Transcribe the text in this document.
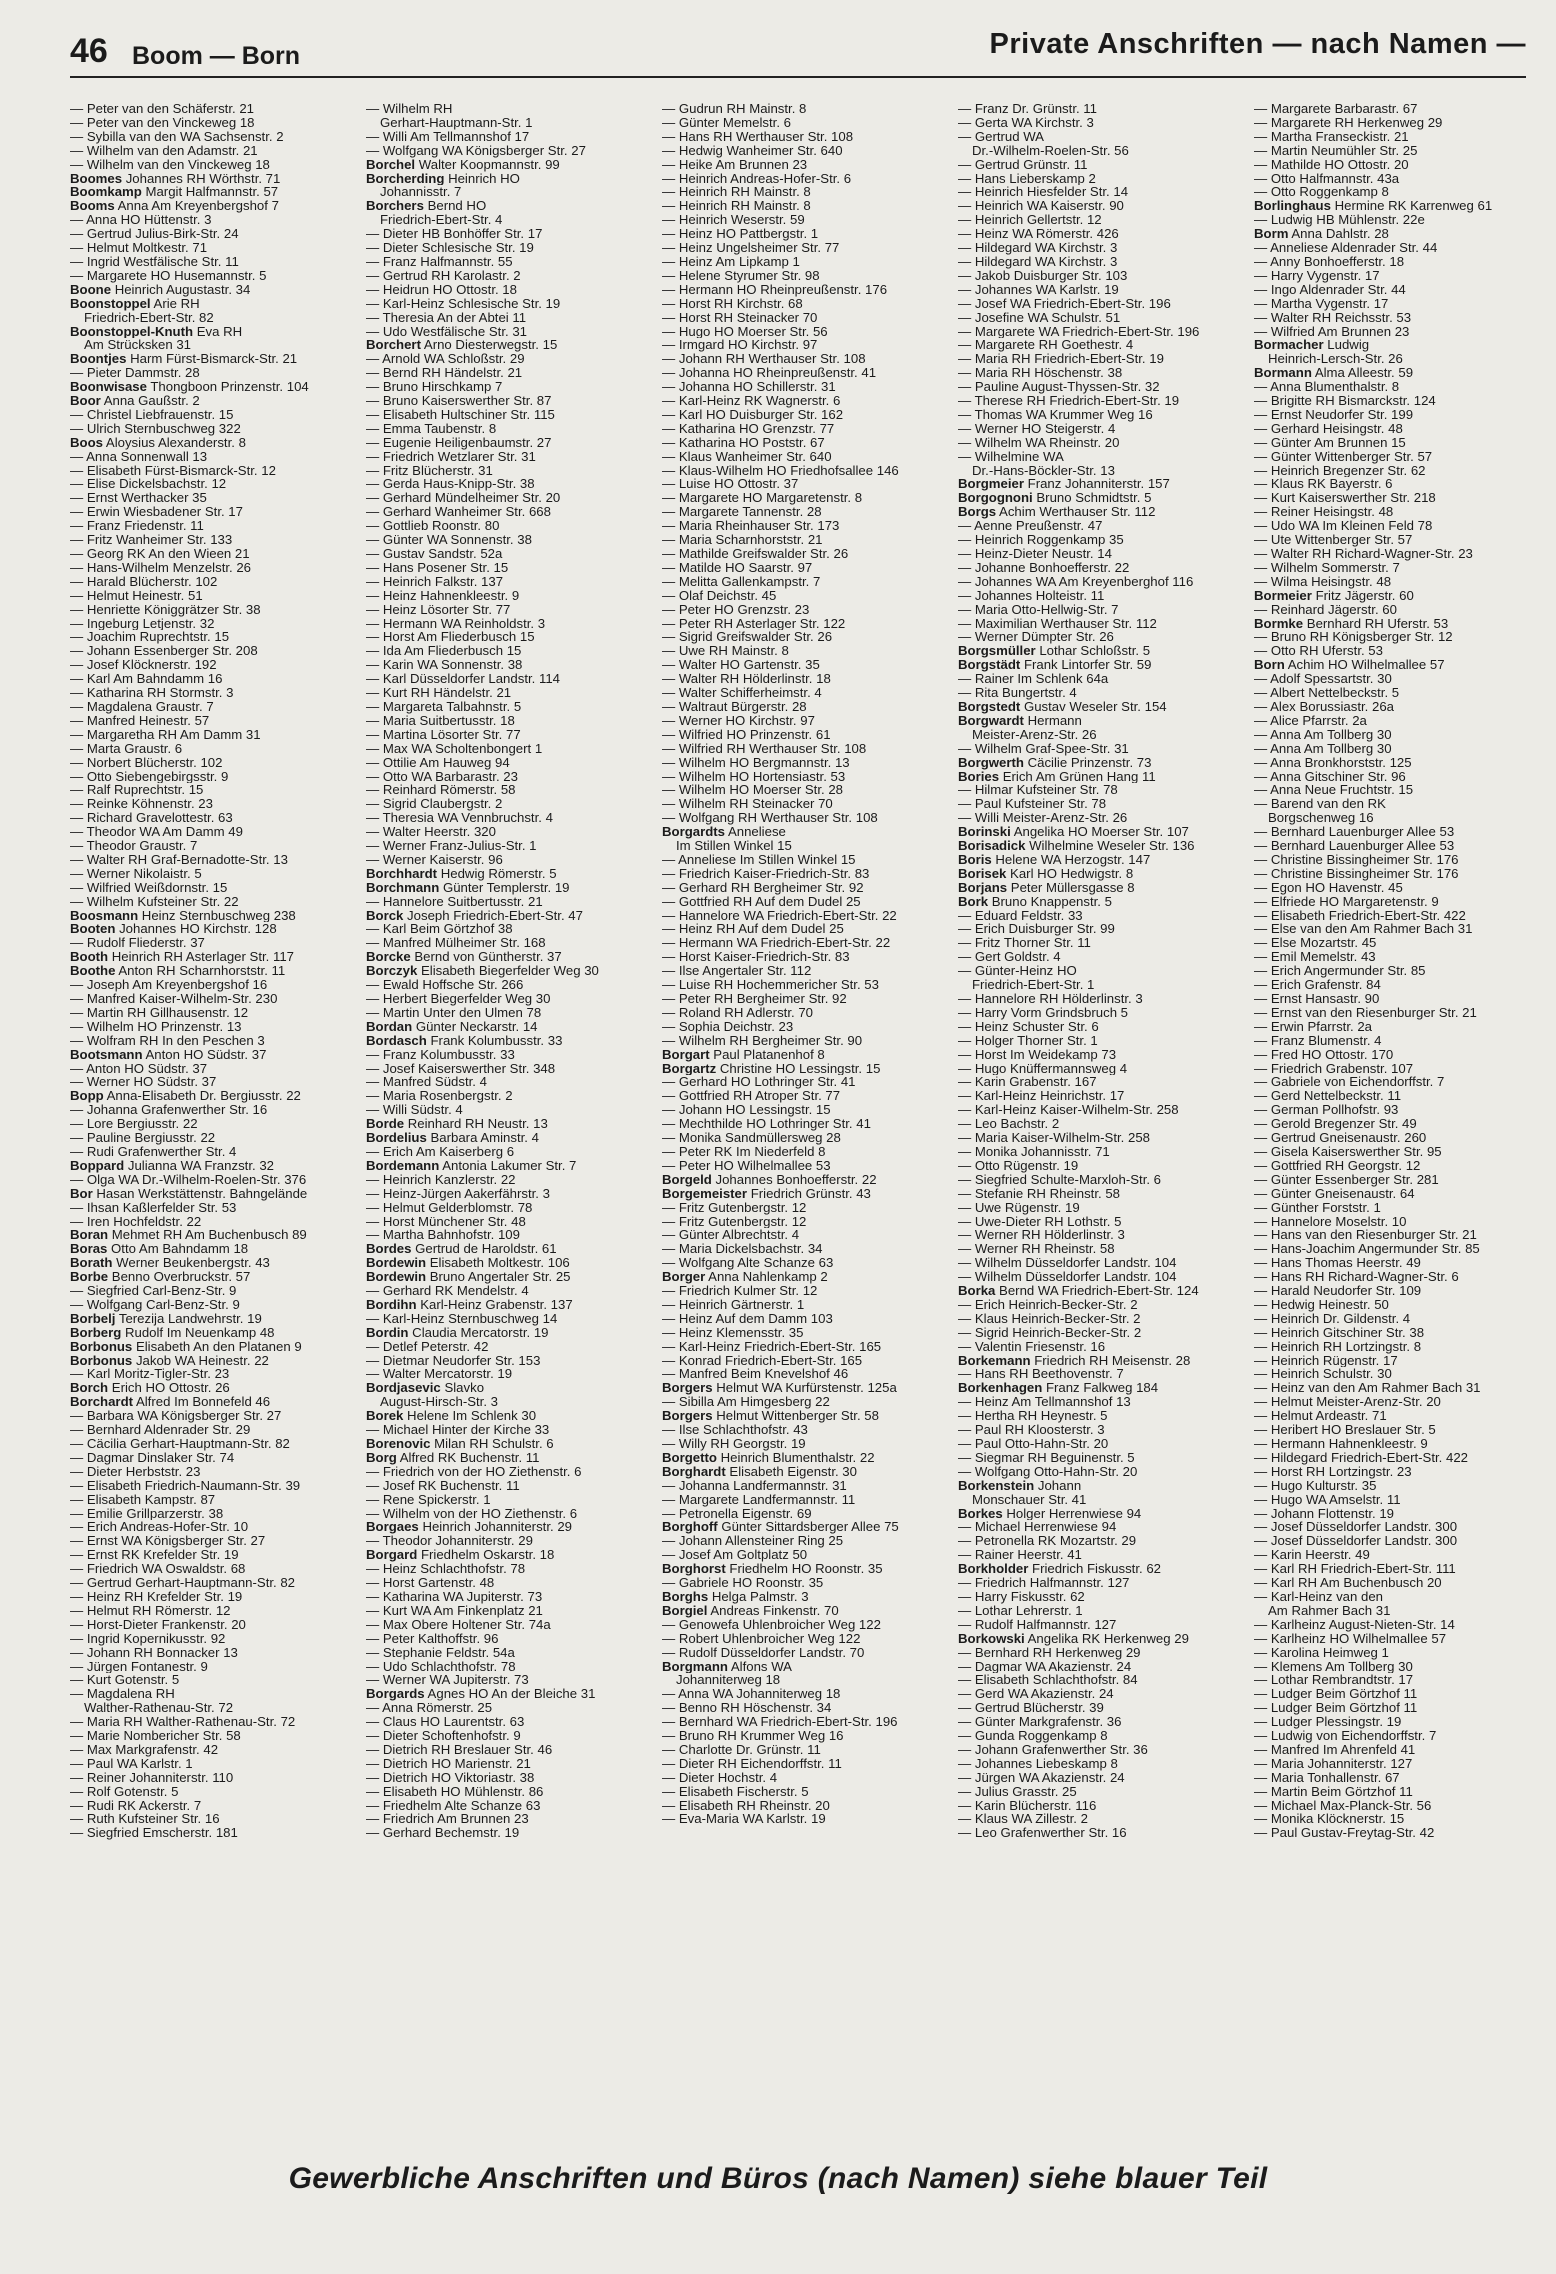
46 Boom — Born	Private Anschriften — nach Namen —
— Peter van den Schäferstr. 21
— Peter van den Vinckeweg 18
— Sybilla van den WA Sachsenstr. 2
— Wilhelm van den Adamstr. 21
— Wilhelm van den Vinckeweg 18
Boomes Johannes RH Wörthstr. 71
Boomkamp Margit Halfmannstr. 57
Booms Anna Am Kreyenbergshof 7
— Anna HO Hüttenstr. 3
— Gertrud Julius-Birk-Str. 24
— Helmut Moltkestr. 71
— Ingrid Westfälische Str. 11
— Margarete HO Husemannstr. 5
Boone Heinrich Augustastr. 34
Boonstoppel Arie RH
Friedrich-Ebert-Str. 82
Boonstoppel-Knuth Eva RH
Am Strücksken 31
Boontjes Harm Fürst-Bismarck-Str. 21
— Pieter Dammstr. 28
Boonwisase Thongboon Prinzenstr. 104
Boor Anna Gaußstr. 2
— Christel Liebfrauenstr. 15
— Ulrich Sternbuschweg 322
Boos Aloysius Alexanderstr. 8
— Anna Sonnenwall 13
— Elisabeth Fürst-Bismarck-Str. 12
— Elise Dickelsbachstr. 12
— Ernst Werthacker 35
— Erwin Wiesbadener Str. 17
— Franz Friedenstr. 11
— Fritz Wanheimer Str. 133
— Georg RK An den Wieen 21
— Hans-Wilhelm Menzelstr. 26
— Harald Blücherstr. 102
— Helmut Heinestr. 51
— Henriette Königgrätzer Str. 38
— Ingeburg Letjenstr. 32
— Joachim Ruprechtstr. 15
— Johann Essenberger Str. 208
— Josef Klöcknerstr. 192
— Karl Am Bahndamm 16
— Katharina RH Stormstr. 3
— Magdalena Graustr. 7
— Manfred Heinestr. 57
— Margaretha RH Am Damm 31
— Marta Graustr. 6
— Norbert Blücherstr. 102
— Otto Siebengebirgsstr. 9
— Ralf Ruprechtstr. 15
— Reinke Köhnenstr. 23
— Richard Gravelottestr. 63
— Theodor WA Am Damm 49
— Theodor Graustr. 7
— Walter RH Graf-Bernadotte-Str. 13
— Werner Nikolaistr. 5
— Wilfried Weißdornstr. 15
— Wilhelm Kufsteiner Str. 22
Boosmann Heinz Sternbuschweg 238
Booten Johannes HO Kirchstr. 128
— Rudolf Fliederstr. 37
Booth Heinrich RH Asterlager Str. 117
Boothe Anton RH Scharnhorststr. 11
— Joseph Am Kreyenbergshof 16
— Manfred Kaiser-Wilhelm-Str. 230
— Martin RH Gillhausenstr. 12
— Wilhelm HO Prinzenstr. 13
— Wolfram RH In den Peschen 3
Bootsmann Anton HO Südstr. 37
— Anton HO Südstr. 37
— Werner HO Südstr. 37
Bopp Anna-Elisabeth Dr. Bergiusstr. 22
— Johanna Grafenwerther Str. 16
— Lore Bergiusstr. 22
— Pauline Bergiusstr. 22
— Rudi Grafenwerther Str. 4
Boppard Julianna WA Franzstr. 32
— Olga WA Dr.-Wilhelm-Roelen-Str. 376
Bor Hasan Werkstättenstr. Bahngelände
— Ihsan Kaßlerfelder Str. 53
— Iren Hochfeldstr. 22
Boran Mehmet RH Am Buchenbusch 89
Boras Otto Am Bahndamm 18
Borath Werner Beukenbergstr. 43
Borbe Benno Overbruckstr. 57
— Siegfried Carl-Benz-Str. 9
— Wolfgang Carl-Benz-Str. 9
Borbelj Terezija Landwehrstr. 19
Borberg Rudolf Im Neuenkamp 48
Borbonus Elisabeth An den Platanen 9
Borbonus Jakob WA Heinestr. 22
— Karl Moritz-Tigler-Str. 23
Borch Erich HO Ottostr. 26
Borchardt Alfred Im Bonnefeld 46
— Barbara WA Königsberger Str. 27
— Bernhard Aldenrader Str. 29
— Cäcilia Gerhart-Hauptmann-Str. 82
— Dagmar Dinslaker Str. 74
— Dieter Herbststr. 23
— Elisabeth Friedrich-Naumann-Str. 39
— Elisabeth Kampstr. 87
— Emilie Grillparzerstr. 38
— Erich Andreas-Hofer-Str. 10
— Ernst WA Königsberger Str. 27
— Ernst RK Krefelder Str. 19
— Friedrich WA Oswaldstr. 68
— Gertrud Gerhart-Hauptmann-Str. 82
— Heinz RH Krefelder Str. 19
— Helmut RH Römerstr. 12
— Horst-Dieter Frankenstr. 20
— Ingrid Kopernikusstr. 92
— Johann RH Bonnacker 13
— Jürgen Fontanestr. 9
— Kurt Gotenstr. 5
— Magdalena RH
Walther-Rathenau-Str. 72
— Maria RH Walther-Rathenau-Str. 72
— Marie Nombericher Str. 58
— Max Markgrafenstr. 42
— Paul WA Karlstr. 1
— Reiner Johanniterstr. 110
— Rolf Gotenstr. 5
— Rudi RK Ackerstr. 7
— Ruth Kufsteiner Str. 16
— Siegfried Emscherstr. 181
— Wilhelm RH
Gerhart-Hauptmann-Str. 1
— Willi Am Tellmannshof 17
— Wolfgang WA Königsberger Str. 27
Borchel Walter Koopmannstr. 99
Borcherding Heinrich HO
Johannisstr. 7
Borchers Bernd HO
Friedrich-Ebert-Str. 4
— Dieter HB Bonhöffer Str. 17
— Dieter Schlesische Str. 19
— Franz Halfmannstr. 55
— Gertrud RH Karolastr. 2
— Heidrun HO Ottostr. 18
— Karl-Heinz Schlesische Str. 19
— Theresia An der Abtei 11
— Udo Westfälische Str. 31
Borchert Arno Diesterwegstr. 15
— Arnold WA Schloßstr. 29
— Bernd RH Händelstr. 21
— Bruno Hirschkamp 7
— Bruno Kaiserswerther Str. 87
— Elisabeth Hultschiner Str. 115
— Emma Taubenstr. 8
— Eugenie Heiligenbaumstr. 27
— Friedrich Wetzlarer Str. 31
— Fritz Blücherstr. 31
— Gerda Haus-Knipp-Str. 38
— Gerhard Mündelheimer Str. 20
— Gerhard Wanheimer Str. 668
— Gottlieb Roonstr. 80
— Günter WA Sonnenstr. 38
— Gustav Sandstr. 52a
— Hans Posener Str. 15
— Heinrich Falkstr. 137
— Heinz Hahnenkleestr. 9
— Heinz Lösorter Str. 77
— Hermann WA Reinholdstr. 3
— Horst Am Fliederbusch 15
— Ida Am Fliederbusch 15
— Karin WA Sonnenstr. 38
— Karl Düsseldorfer Landstr. 114
— Kurt RH Händelstr. 21
— Margareta Talbahnstr. 5
— Maria Suitbertusstr. 18
— Martina Lösorter Str. 77
— Max WA Scholtenbongert 1
— Ottilie Am Hauweg 94
— Otto WA Barbarastr. 23
— Reinhard Römerstr. 58
— Sigrid Claubergstr. 2
— Theresia WA Vennbruchstr. 4
— Walter Heerstr. 320
— Werner Franz-Julius-Str. 1
— Werner Kaiserstr. 96
Borchhardt Hedwig Römerstr. 5
Borchmann Günter Templerstr. 19
— Hannelore Suitbertusstr. 21
Borck Joseph Friedrich-Ebert-Str. 47
— Karl Beim Görtzhof 38
— Manfred Mülheimer Str. 168
Borcke Bernd von Güntherstr. 37
Borczyk Elisabeth Biegerfelder Weg 30
— Ewald Hoffsche Str. 266
— Herbert Biegerfelder Weg 30
— Martin Unter den Ulmen 78
Bordan Günter Neckarstr. 14
Bordasch Frank Kolumbusstr. 33
— Franz Kolumbusstr. 33
— Josef Kaiserswerther Str. 348
— Manfred Südstr. 4
— Maria Rosenbergstr. 2
— Willi Südstr. 4
Borde Reinhard RH Neustr. 13
Bordelius Barbara Aminstr. 4
— Erich Am Kaiserberg 6
Bordemann Antonia Lakumer Str. 7
— Heinrich Kanzlerstr. 22
— Heinz-Jürgen Aakerfährstr. 3
— Helmut Gelderblomstr. 78
— Horst Münchener Str. 48
— Martha Bahnhofstr. 109
Bordes Gertrud de Haroldstr. 61
Bordewin Elisabeth Moltkestr. 106
Bordewin Bruno Angertaler Str. 25
— Gerhard RK Mendelstr. 4
Bordihn Karl-Heinz Grabenstr. 137
— Karl-Heinz Sternbuschweg 14
Bordin Claudia Mercatorstr. 19
— Detlef Peterstr. 42
— Dietmar Neudorfer Str. 153
— Walter Mercatorstr. 19
Bordjasevic Slavko
August-Hirsch-Str. 3
Borek Helene Im Schlenk 30
— Michael Hinter der Kirche 33
Borenovic Milan RH Schulstr. 6
Borg Alfred RK Buchenstr. 11
— Friedrich von der HO Ziethenstr. 6
— Josef RK Buchenstr. 11
— Rene Spickerstr. 1
— Wilhelm von der HO Ziethenstr. 6
Borgaes Heinrich Johanniterstr. 29
— Theodor Johanniterstr. 29
Borgard Friedhelm Oskarstr. 18
— Heinz Schlachthofstr. 78
— Horst Gartenstr. 48
— Katharina WA Jupiterstr. 73
— Kurt WA Am Finkenplatz 21
— Max Obere Holtener Str. 74a
— Peter Kalthoffstr. 96
— Stephanie Feldstr. 54a
— Udo Schlachthofstr. 78
— Werner WA Jupiterstr. 73
Borgards Agnes HO An der Bleiche 31
— Anna Römerstr. 25
— Claus HO Laurentstr. 63
— Dieter Schoftenhofstr. 9
— Dietrich RH Breslauer Str. 46
— Dietrich HO Marienstr. 21
— Dietrich HO Viktoriastr. 38
— Elisabeth HO Mühlenstr. 86
— Friedhelm Alte Schanze 63
— Friedrich Am Brunnen 23
— Gerhard Bechemstr. 19
— Gudrun RH Mainstr. 8
— Günter Memelstr. 6
— Hans RH Werthauser Str. 108
— Hedwig Wanheimer Str. 640
— Heike Am Brunnen 23
— Heinrich Andreas-Hofer-Str. 6
— Heinrich RH Mainstr. 8
— Heinrich RH Mainstr. 8
— Heinrich Weserstr. 59
— Heinz HO Pattbergstr. 1
— Heinz Ungelsheimer Str. 77
— Heinz Am Lipkamp 1
— Helene Styrumer Str. 98
— Hermann HO Rheinpreußenstr. 176
— Horst RH Kirchstr. 68
— Horst RH Steinacker 70
— Hugo HO Moerser Str. 56
— Irmgard HO Kirchstr. 97
— Johann RH Werthauser Str. 108
— Johanna HO Rheinpreußenstr. 41
— Johanna HO Schillerstr. 31
— Karl-Heinz RK Wagnerstr. 6
— Karl HO Duisburger Str. 162
— Katharina HO Grenzstr. 77
— Katharina HO Poststr. 67
— Klaus Wanheimer Str. 640
— Klaus-Wilhelm HO Friedhofsallee 146
— Luise HO Ottostr. 37
— Margarete HO Margaretenstr. 8
— Margarete Tannenstr. 28
— Maria Rheinhauser Str. 173
— Maria Scharnhorststr. 21
— Mathilde Greifswalder Str. 26
— Matilde HO Saarstr. 97
— Melitta Gallenkampstr. 7
— Olaf Deichstr. 45
— Peter HO Grenzstr. 23
— Peter RH Asterlager Str. 122
— Sigrid Greifswalder Str. 26
— Uwe RH Mainstr. 8
— Walter HO Gartenstr. 35
— Walter RH Hölderlinstr. 18
— Walter Schifferheimstr. 4
— Waltraut Bürgerstr. 28
— Werner HO Kirchstr. 97
— Wilfried HO Prinzenstr. 61
— Wilfried RH Werthauser Str. 108
— Wilhelm HO Bergmannstr. 13
— Wilhelm HO Hortensiastr. 53
— Wilhelm HO Moerser Str. 28
— Wilhelm RH Steinacker 70
— Wolfgang RH Werthauser Str. 108
Borgardts Anneliese
Im Stillen Winkel 15
— Anneliese Im Stillen Winkel 15
— Friedrich Kaiser-Friedrich-Str. 83
— Gerhard RH Bergheimer Str. 92
— Gottfried RH Auf dem Dudel 25
— Hannelore WA Friedrich-Ebert-Str. 22
— Heinz RH Auf dem Dudel 25
— Hermann WA Friedrich-Ebert-Str. 22
— Horst Kaiser-Friedrich-Str. 83
— Ilse Angertaler Str. 112
— Luise RH Hochemmericher Str. 53
— Peter RH Bergheimer Str. 92
— Roland RH Adlerstr. 70
— Sophia Deichstr. 23
— Wilhelm RH Bergheimer Str. 90
Borgart Paul Platanenhof 8
Borgartz Christine HO Lessingstr. 15
— Gerhard HO Lothringer Str. 41
— Gottfried RH Atroper Str. 77
— Johann HO Lessingstr. 15
— Mechthilde HO Lothringer Str. 41
— Monika Sandmüllersweg 28
— Peter RK Im Niederfeld 8
— Peter HO Wilhelmallee 53
Borgeld Johannes Bonhoefferstr. 22
Borgemeister Friedrich Grünstr. 43
— Fritz Gutenbergstr. 12
— Fritz Gutenbergstr. 12
— Günter Albrechtstr. 4
— Maria Dickelsbachstr. 34
— Wolfgang Alte Schanze 63
Borger Anna Nahlenkamp 2
— Friedrich Kulmer Str. 12
— Heinrich Gärtnerstr. 1
— Heinz Auf dem Damm 103
— Heinz Klemensstr. 35
— Karl-Heinz Friedrich-Ebert-Str. 165
— Konrad Friedrich-Ebert-Str. 165
— Manfred Beim Knevelshof 46
Borgers Helmut WA Kurfürstenstr. 125a
— Sibilla Am Himgesberg 22
Borgers Helmut Wittenberger Str. 58
— Ilse Schlachthofstr. 43
— Willy RH Georgstr. 19
Borgetto Heinrich Blumenthalstr. 22
Borghardt Elisabeth Eigenstr. 30
— Johanna Landfermannstr. 31
— Margarete Landfermannstr. 11
— Petronella Eigenstr. 69
Borghoff Günter Sittardsberger Allee 75
— Johann Allensteiner Ring 25
— Josef Am Goltplatz 50
Borghorst Friedhelm HO Roonstr. 35
— Gabriele HO Roonstr. 35
Borghs Helga Palmstr. 3
Borgiel Andreas Finkenstr. 70
— Genowefa Uhlenbroicher Weg 122
— Robert Uhlenbroicher Weg 122
— Rudolf Düsseldorfer Landstr. 70
Borgmann Alfons WA
Johanniterweg 18
— Anna WA Johanniterweg 18
— Benno RH Höschenstr. 34
— Bernhard WA Friedrich-Ebert-Str. 196
— Bruno RH Krummer Weg 16
— Charlotte Dr. Grünstr. 11
— Dieter RH Eichendorffstr. 11
— Dieter Hochstr. 4
— Elisabeth Fischerstr. 5
— Elisabeth RH Rheinstr. 20
— Eva-Maria WA Karlstr. 19
— Franz Dr. Grünstr. 11
— Gerta WA Kirchstr. 3
— Gertrud WA
Dr.-Wilhelm-Roelen-Str. 56
— Gertrud Grünstr. 11
— Hans Lieberskamp 2
— Heinrich Hiesfelder Str. 14
— Heinrich WA Kaiserstr. 90
— Heinrich Gellertstr. 12
— Heinz WA Römerstr. 426
— Hildegard WA Kirchstr. 3
— Hildegard WA Kirchstr. 3
— Jakob Duisburger Str. 103
— Johannes WA Karlstr. 19
— Josef WA Friedrich-Ebert-Str. 196
— Josefine WA Schulstr. 51
— Margarete WA Friedrich-Ebert-Str. 196
— Margarete RH Goethestr. 4
— Maria RH Friedrich-Ebert-Str. 19
— Maria RH Höschenstr. 38
— Pauline August-Thyssen-Str. 32
— Therese RH Friedrich-Ebert-Str. 19
— Thomas WA Krummer Weg 16
— Werner HO Steigerstr. 4
— Wilhelm WA Rheinstr. 20
— Wilhelmine WA
Dr.-Hans-Böckler-Str. 13
Borgmeier Franz Johanniterstr. 157
Borgognoni Bruno Schmidtstr. 5
Borgs Achim Werthauser Str. 112
— Aenne Preußenstr. 47
— Heinrich Roggenkamp 35
— Heinz-Dieter Neustr. 14
— Johanne Bonhoefferstr. 22
— Johannes WA Am Kreyenberghof 116
— Johannes Holteistr. 11
— Maria Otto-Hellwig-Str. 7
— Maximilian Werthauser Str. 112
— Werner Dümpter Str. 26
Borgsmüller Lothar Schloßstr. 5
Borgstädt Frank Lintorfer Str. 59
— Rainer Im Schlenk 64a
— Rita Bungertstr. 4
Borgstedt Gustav Weseler Str. 154
Borgwardt Hermann
Meister-Arenz-Str. 26
— Wilhelm Graf-Spee-Str. 31
Borgwerth Cäcilie Prinzenstr. 73
Bories Erich Am Grünen Hang 11
— Hilmar Kufsteiner Str. 78
— Paul Kufsteiner Str. 78
— Willi Meister-Arenz-Str. 26
Borinski Angelika HO Moerser Str. 107
Borisadick Wilhelmine Weseler Str. 136
Boris Helene WA Herzogstr. 147
Borisek Karl HO Hedwigstr. 8
Borjans Peter Müllersgasse 8
Bork Bruno Knappenstr. 5
— Eduard Feldstr. 33
— Erich Duisburger Str. 99
— Fritz Thorner Str. 11
— Gert Goldstr. 4
— Günter-Heinz HO
Friedrich-Ebert-Str. 1
— Hannelore RH Hölderlinstr. 3
— Harry Vorm Grindsbruch 5
— Heinz Schuster Str. 6
— Holger Thorner Str. 1
— Horst Im Weidekamp 73
— Hugo Knüffermannsweg 4
— Karin Grabenstr. 167
— Karl-Heinz Heinrichstr. 17
— Karl-Heinz Kaiser-Wilhelm-Str. 258
— Leo Bachstr. 2
— Maria Kaiser-Wilhelm-Str. 258
— Monika Johannisstr. 71
— Otto Rügenstr. 19
— Siegfried Schulte-Marxloh-Str. 6
— Stefanie RH Rheinstr. 58
— Uwe Rügenstr. 19
— Uwe-Dieter RH Lothstr. 5
— Werner RH Hölderlinstr. 3
— Werner RH Rheinstr. 58
— Wilhelm Düsseldorfer Landstr. 104
— Wilhelm Düsseldorfer Landstr. 104
Borka Bernd WA Friedrich-Ebert-Str. 124
— Erich Heinrich-Becker-Str. 2
— Klaus Heinrich-Becker-Str. 2
— Sigrid Heinrich-Becker-Str. 2
— Valentin Friesenstr. 16
Borkemann Friedrich RH Meisenstr. 28
— Hans RH Beethovenstr. 7
Borkenhagen Franz Falkweg 184
— Heinz Am Tellmannshof 13
— Hertha RH Heynestr. 5
— Paul RH Kloosterstr. 3
— Paul Otto-Hahn-Str. 20
— Siegmar RH Beguinenstr. 5
— Wolfgang Otto-Hahn-Str. 20
Borkenstein Johann
Monschauer Str. 41
Borkes Holger Herrenwiese 94
— Michael Herrenwiese 94
— Petronella RK Mozartstr. 29
— Rainer Heerstr. 41
Borkholder Friedrich Fiskusstr. 62
— Friedrich Halfmannstr. 127
— Harry Fiskusstr. 62
— Lothar Lehrerstr. 1
— Rudolf Halfmannstr. 127
Borkowski Angelika RK Herkenweg 29
— Bernhard RH Herkenweg 29
— Dagmar WA Akazienstr. 24
— Elisabeth Schlachthofstr. 84
— Gerd WA Akazienstr. 24
— Gertrud Blücherstr. 39
— Günter Markgrafenstr. 36
— Gunda Roggenkamp 8
— Johann Grafenwerther Str. 36
— Johannes Liebeskamp 8
— Jürgen WA Akazienstr. 24
— Julius Grasstr. 25
— Karin Blücherstr. 116
— Klaus WA Zillestr. 2
— Leo Grafenwerther Str. 16
— Margarete Barbarastr. 67
— Margarete RH Herkenweg 29
— Martha Franseckistr. 21
— Martin Neumühler Str. 25
— Mathilde HO Ottostr. 20
— Otto Halfmannstr. 43a
— Otto Roggenkamp 8
Borlinghaus Hermine RK Karrenweg 61
— Ludwig HB Mühlenstr. 22e
Borm Anna Dahlstr. 28
— Anneliese Aldenrader Str. 44
— Anny Bonhoefferstr. 18
— Harry Vygenstr. 17
— Ingo Aldenrader Str. 44
— Martha Vygenstr. 17
— Walter RH Reichsstr. 53
— Wilfried Am Brunnen 23
Bormacher Ludwig
Heinrich-Lersch-Str. 26
Bormann Alma Alleestr. 59
— Anna Blumenthalstr. 8
— Brigitte RH Bismarckstr. 124
— Ernst Neudorfer Str. 199
— Gerhard Heisingstr. 48
— Günter Am Brunnen 15
— Günter Wittenberger Str. 57
— Heinrich Bregenzer Str. 62
— Klaus RK Bayerstr. 6
— Kurt Kaiserswerther Str. 218
— Reiner Heisingstr. 48
— Udo WA Im Kleinen Feld 78
— Ute Wittenberger Str. 57
— Walter RH Richard-Wagner-Str. 23
— Wilhelm Sommerstr. 7
— Wilma Heisingstr. 48
Bormeier Fritz Jägerstr. 60
— Reinhard Jägerstr. 60
Bormke Bernhard RH Uferstr. 53
— Bruno RH Königsberger Str. 12
— Otto RH Uferstr. 53
Born Achim HO Wilhelmallee 57
— Adolf Spessartstr. 30
— Albert Nettelbeckstr. 5
— Alex Borussiastr. 26a
— Alice Pfarrstr. 2a
— Anna Am Tollberg 30
— Anna Am Tollberg 30
— Anna Bronkhorststr. 125
— Anna Gitschiner Str. 96
— Anna Neue Fruchtstr. 15
— Barend van den RK
Borgschenweg 16
— Bernhard Lauenburger Allee 53
— Bernhard Lauenburger Allee 53
— Christine Bissingheimer Str. 176
— Christine Bissingheimer Str. 176
— Egon HO Havenstr. 45
— Elfriede HO Margaretenstr. 9
— Elisabeth Friedrich-Ebert-Str. 422
— Else van den Am Rahmer Bach 31
— Else Mozartstr. 45
— Emil Memelstr. 43
— Erich Angermunder Str. 85
— Erich Grafenstr. 84
— Ernst Hansastr. 90
— Ernst van den Riesenburger Str. 21
— Erwin Pfarrstr. 2a
— Franz Blumenstr. 4
— Fred HO Ottostr. 170
— Friedrich Grabenstr. 107
— Gabriele von Eichendorffstr. 7
— Gerd Nettelbeckstr. 11
— German Pollhofstr. 93
— Gerold Bregenzer Str. 49
— Gertrud Gneisenaustr. 260
— Gisela Kaiserswerther Str. 95
— Gottfried RH Georgstr. 12
— Günter Essenberger Str. 281
— Günter Gneisenaustr. 64
— Günther Forststr. 1
— Hannelore Moselstr. 10
— Hans van den Riesenburger Str. 21
— Hans-Joachim Angermunder Str. 85
— Hans Thomas Heerstr. 49
— Hans RH Richard-Wagner-Str. 6
— Harald Neudorfer Str. 109
— Hedwig Heinestr. 50
— Heinrich Dr. Gildenstr. 4
— Heinrich Gitschiner Str. 38
— Heinrich RH Lortzingstr. 8
— Heinrich Rügenstr. 17
— Heinrich Schulstr. 30
— Heinz van den Am Rahmer Bach 31
— Helmut Meister-Arenz-Str. 20
— Helmut Ardeastr. 71
— Heribert HO Breslauer Str. 5
— Hermann Hahnenkleestr. 9
— Hildegard Friedrich-Ebert-Str. 422
— Horst RH Lortzingstr. 23
— Hugo Kulturstr. 35
— Hugo WA Amselstr. 11
— Johann Flottenstr. 19
— Josef Düsseldorfer Landstr. 300
— Josef Düsseldorfer Landstr. 300
— Karin Heerstr. 49
— Karl RH Friedrich-Ebert-Str. 111
— Karl RH Am Buchenbusch 20
— Karl-Heinz van den
Am Rahmer Bach 31
— Karlheinz August-Nieten-Str. 14
— Karlheinz HO Wilhelmallee 57
— Karolina Heimweg 1
— Klemens Am Tollberg 30
— Lothar Rembrandtstr. 17
— Ludger Beim Görtzhof 11
— Ludger Beim Görtzhof 11
— Ludger Plessingstr. 19
— Ludwig von Eichendorffstr. 7
— Manfred Im Ahrenfeld 41
— Maria Johanniterstr. 127
— Maria Tonhallenstr. 67
— Martin Beim Görtzhof 11
— Michael Max-Planck-Str. 56
— Monika Klöcknerstr. 15
— Paul Gustav-Freytag-Str. 42
Gewerbliche Anschriften und Büros (nach Namen) siehe blauer Teil
